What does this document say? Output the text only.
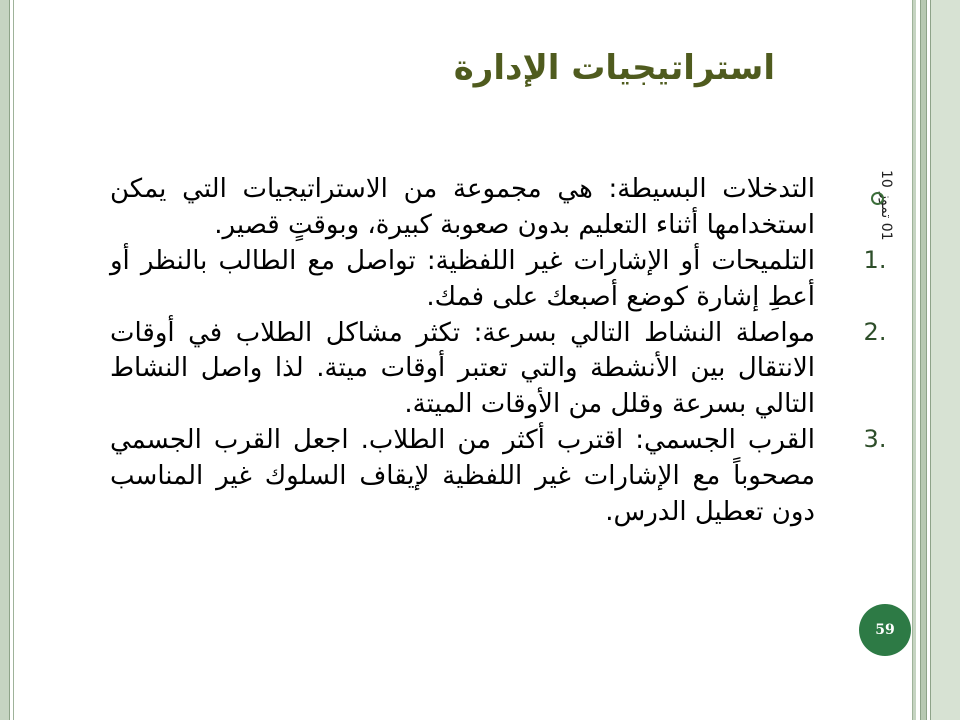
استراتيجيات الإدارة
01 تموز 10

التدخلات البسيطة: هي مجموعة من الاستراتيجيات التي يمكن استخدامها أثناء التعليم بدون صعوبة كبيرة، وبوقتٍ قصير.

1.

التلميحات أو الإشارات غير اللفظية: تواصل مع الطالب بالنظر أو أعطِ إشارة كوضع أصبعك على فمك.

2.

مواصلة النشاط التالي بسرعة: تكثر مشاكل الطلاب في أوقات الانتقال بين الأنشطة والتي تعتبر أوقات ميتة. لذا واصل النشاط التالي بسرعة وقلل من الأوقات الميتة.

3.

القرب الجسمي: اقترب أكثر من الطلاب. اجعل القرب الجسمي مصحوباً مع الإشارات غير اللفظية لإيقاف السلوك غير المناسب دون تعطيل الدرس.

59
